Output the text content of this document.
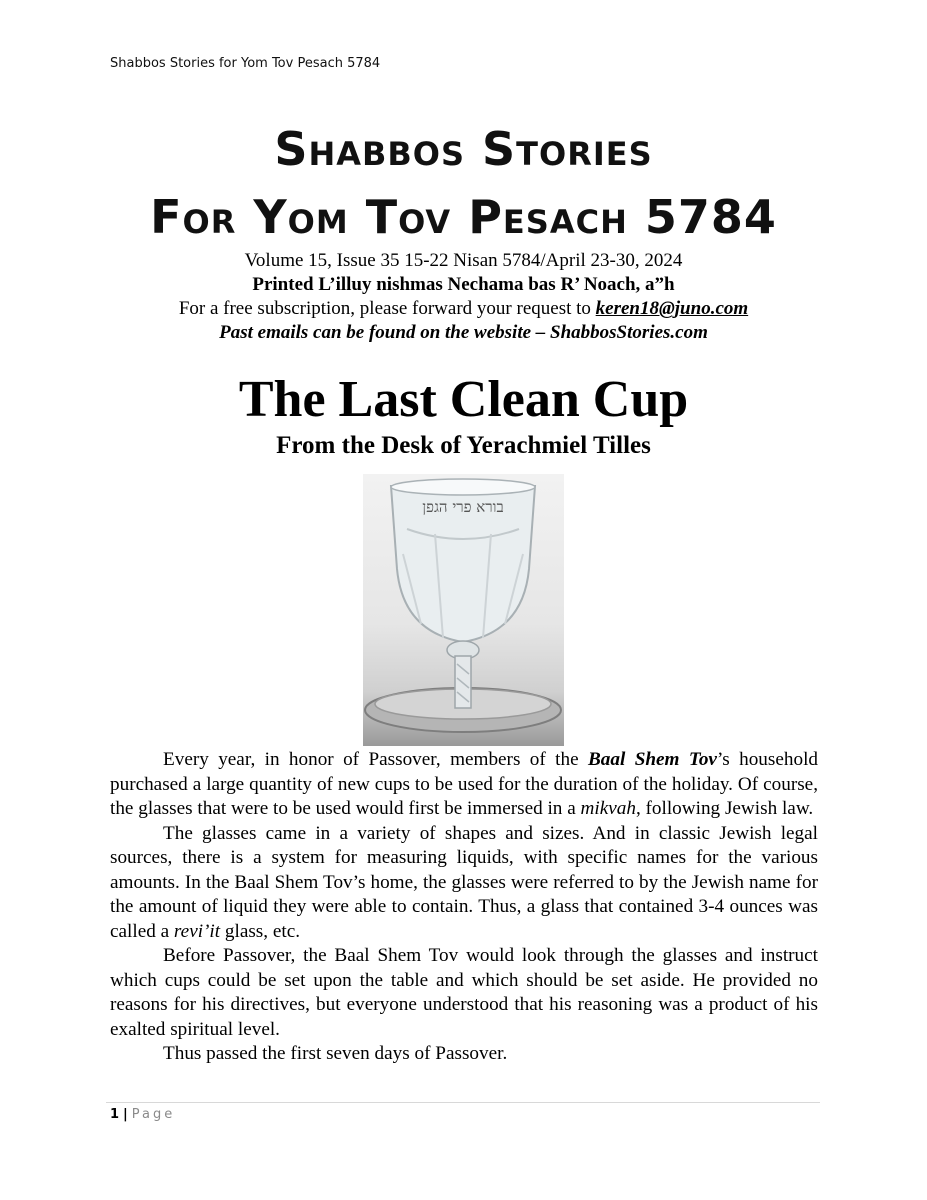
Shabbos Stories for Yom Tov Pesach 5784
Shabbos Stories
For Yom Tov Pesach 5784
Volume 15, Issue 35 15-22 Nisan 5784/April 23-30, 2024
Printed L’illuy nishmas Nechama bas R’ Noach, a”h
For a free subscription, please forward your request to keren18@juno.com
Past emails can be found on the website – ShabbosStories.com
The Last Clean Cup
From the Desk of Yerachmiel Tilles
בורא פרי הגפן

Every year, in honor of Passover, members of the Baal Shem Tov’s household purchased a large quantity of new cups to be used for the duration of the holiday. Of course, the glasses that were to be used would first be immersed in a mikvah, following Jewish law.

The glasses came in a variety of shapes and sizes. And in classic Jewish legal sources, there is a system for measuring liquids, with specific names for the various amounts. In the Baal Shem Tov’s home, the glasses were referred to by the Jewish name for the amount of liquid they were able to contain. Thus, a glass that contained 3-4 ounces was called a revi’it glass, etc.

Before Passover, the Baal Shem Tov would look through the glasses and instruct which cups could be set upon the table and which should be set aside. He provided no reasons for his directives, but everyone understood that his reasoning was a product of his exalted spiritual level.

Thus passed the first seven days of Passover.

1 | Page
